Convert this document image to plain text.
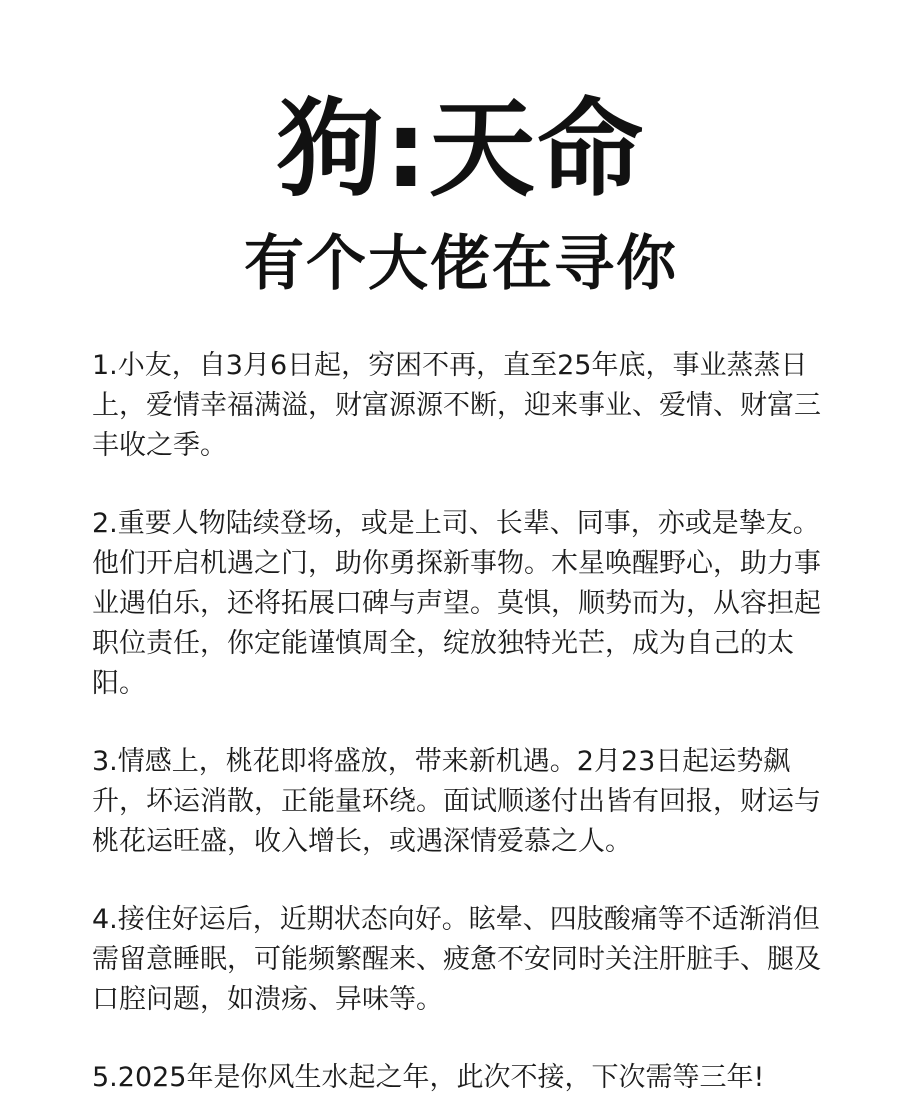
狗:天命
有个大佬在寻你

1.小友，自3月6日起，穷困不再，直至25年底，事业蒸蒸日上，爱情幸福满溢，财富源源不断，迎来事业、爱情、财富三丰收之季。

2.重要人物陆续登场，或是上司、长辈、同事，亦或是挚友。他们开启机遇之门，助你勇探新事物。木星唤醒野心，助力事业遇伯乐，还将拓展口碑与声望。莫惧，顺势而为，从容担起职位责任，你定能谨慎周全，绽放独特光芒，成为自己的太阳。

3.情感上，桃花即将盛放，带来新机遇。2月23日起运势飙升，坏运消散，正能量环绕。面试顺遂付出皆有回报，财运与桃花运旺盛，收入增长，或遇深情爱慕之人。

4.接住好运后，近期状态向好。眩晕、四肢酸痛等不适渐消但需留意睡眠，可能频繁醒来、疲惫不安同时关注肝脏手、腿及口腔问题，如溃疡、异味等。

5.2025年是你风生水起之年，此次不接，下次需等三年!
